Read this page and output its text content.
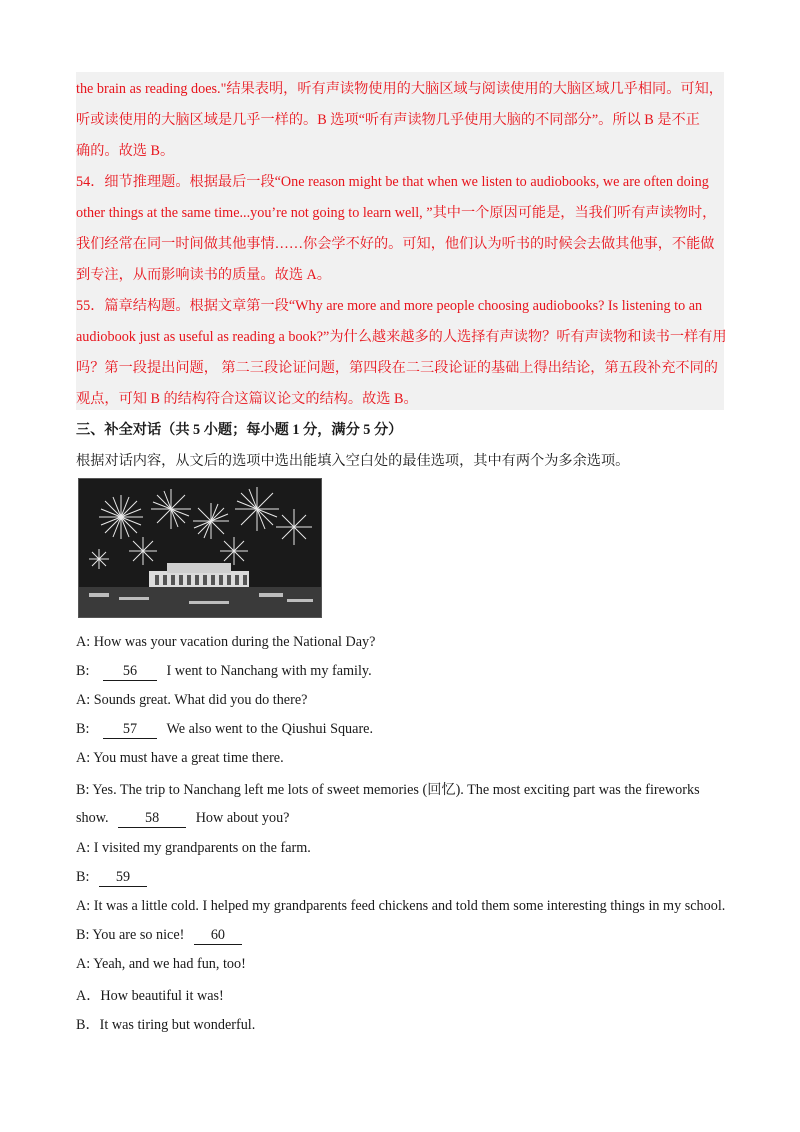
the brain as reading does."结果表明，听有声读物使用的大脑区域与阅读使用的大脑区域几乎相同。可知，
听或读使用的大脑区域是几乎一样的。B 选项“听有声读物几乎使用大脑的不同部分”。所以 B 是不正
确的。故选 B。
54．细节推理题。根据最后一段“One reason might be that when we listen to audiobooks, we are often doing
other things at the same time...you’re not going to learn well, ”其中一个原因可能是，当我们听有声读物时，
我们经常在同一时间做其他事情……你会学不好的。可知，他们认为听书的时候会去做其他事，不能做
到专注，从而影响读书的质量。故选 A。
55．篇章结构题。根据文章第一段“Why are more and more people choosing audiobooks? Is listening to an
audiobook just as useful as reading a book?”为什么越来越多的人选择有声读物？听有声读物和读书一样有用
吗？第一段提出问题， 第二三段论证问题，第四段在二三段论证的基础上得出结论，第五段补充不同的
观点，可知 B 的结构符合这篇议论文的结构。故选 B。
三、补全对话（共 5 小题；每小题 1 分，满分 5 分）
根据对话内容，从文后的选项中选出能填入空白处的最佳选项，其中有两个为多余选项。
A: How was your vacation during the National Day?
B: 56 I went to Nanchang with my family.
A: Sounds great. What did you do there?
B: 57 We also went to the Qiushui Square.
A: You must have a great time there.
B: Yes. The trip to Nanchang left me lots of sweet memories (回忆). The most exciting part was the fireworks
show.	58	How about you?
A: I visited my grandparents on the farm.
B: 59
A: It was a little cold. I helped my grandparents feed chickens and told them some interesting things in my school.
B: You are so nice! 60
A: Yeah, and we had fun, too!
A．How beautiful it was!
B．It was tiring but wonderful.
